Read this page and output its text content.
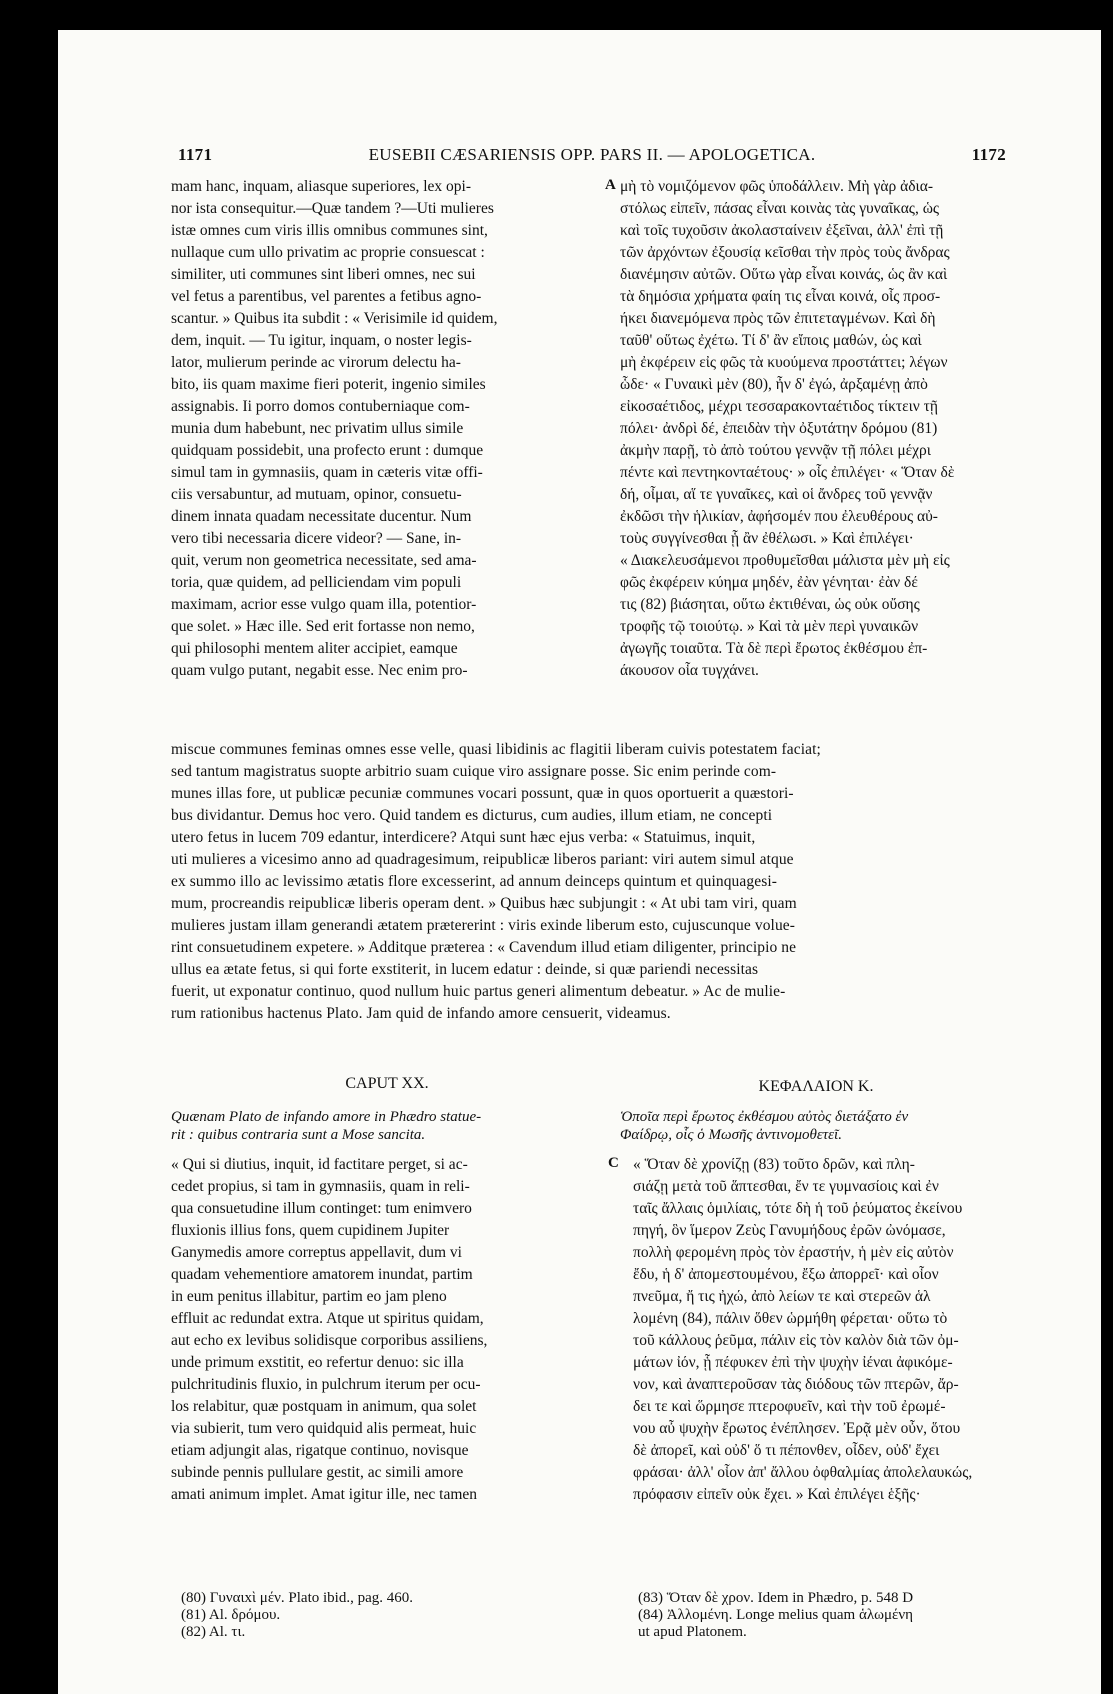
1171	EUSEBII CÆSARIENSIS OPP. PARS II. — APOLOGETICA.	1172
mam hanc, inquam, aliasque superiores, lex opi-
nor ista consequitur.—Quæ tandem ?—Uti mulieres
istæ omnes cum viris illis omnibus communes sint,
nullaque cum ullo privatim ac proprie consuescat :
similiter, uti communes sint liberi omnes, nec sui
vel fetus a parentibus, vel parentes a fetibus agno-
scantur. » Quibus ita subdit : « Verisimile id quidem,
dem, inquit. — Tu igitur, inquam, o noster legis-
lator, mulierum perinde ac virorum delectu ha-
bito, iis quam maxime fieri poterit, ingenio similes
assignabis. Ii porro domos contuberniaque com-
munia dum habebunt, nec privatim ullus simile
quidquam possidebit, una profecto erunt : dumque
simul tam in gymnasiis, quam in cæteris vitæ offi-
ciis versabuntur, ad mutuam, opinor, consuetu-
dinem innata quadam necessitate ducentur. Num
vero tibi necessaria dicere videor? — Sane, in-
quit, verum non geometrica necessitate, sed ama-
toria, quæ quidem, ad pelliciendam vim populi
maximam, acrior esse vulgo quam illa, potentior-
que solet. » Hæc ille. Sed erit fortasse non nemo,
qui philosophi mentem aliter accipiet, eamque
quam vulgo putant, negabit esse. Nec enim pro-
A μὴ τὸ νομιζόμενον φῶς ὑποδάλλειν. Μὴ γὰρ ἀδια-
στόλως εἰπεῖν, πάσας εἶναι κοινὰς τὰς γυναῖκας, ὡς
καὶ τοῖς τυχοῦσιν ἀκολασταίνειν ἐξεῖναι, ἀλλ' ἐπὶ τῇ
τῶν ἀρχόντων ἐξουσίᾳ κεῖσθαι τὴν πρὸς τοὺς ἄνδρας
διανέμησιν αὐτῶν. Οὕτω γὰρ εἶναι κοινάς, ὡς ἂν καὶ
τὰ δημόσια χρήματα φαίη τις εἶναι κοινά, οἷς προσ-
ήκει διανεμόμενα πρὸς τῶν ἐπιτεταγμένων. Καὶ δὴ
ταῦθ' οὕτως ἐχέτω. Τί δ' ἂν εἴποις μαθών, ὡς καὶ
μὴ ἐκφέρειν εἰς φῶς τὰ κυούμενα προστάττει; λέγων
ὧδε· « Γυναικὶ μὲν (80), ἦν δ' ἐγώ, ἀρξαμένῃ ἀπὸ
εἰκοσαέτιδος, μέχρι τεσσαρακονταέτιδος τίκτειν τῇ
πόλει· ἀνδρὶ δέ, ἐπειδὰν τὴν ὀξυτάτην δρόμου (81)
ἀκμὴν παρῇ, τὸ ἀπὸ τούτου γεννᾷν τῇ πόλει μέχρι
πέντε καὶ πεντηκονταέτους· » οἷς ἐπιλέγει· « Ὅταν δὲ
δή, οἶμαι, αἵ τε γυναῖκες, καὶ οἱ ἄνδρες τοῦ γεννᾷν
ἐκδῶσι τὴν ἡλικίαν, ἀφήσομέν που ἐλευθέρους αὐ-
τοὺς συγγίνεσθαι ᾗ ἂν ἐθέλωσι. » Καὶ ἐπιλέγει·
« Διακελευσάμενοι προθυμεῖσθαι μάλιστα μὲν μὴ εἰς
φῶς ἐκφέρειν κύημα μηδέν, ἐὰν γένηται· ἐὰν δέ
τις (82) βιάσηται, οὕτω ἐκτιθέναι, ὡς οὐκ οὔσης
τροφῆς τῷ τοιούτῳ. » Καὶ τὰ μὲν περὶ γυναικῶν
ἀγωγῆς τοιαῦτα. Τὰ δὲ περὶ ἔρωτος ἐκθέσμου ἐπ-
άκουσον οἷα τυγχάνει.
miscue communes feminas omnes esse velle, quasi libidinis ac flagitii liberam cuivis potestatem faciat;
sed tantum magistratus suopte arbitrio suam cuique viro assignare posse. Sic enim perinde com-
munes illas fore, ut publicæ pecuniæ communes vocari possunt, quæ in quos oportuerit a quæstori-
bus dividantur. Demus hoc vero. Quid tandem es dicturus, cum audies, illum etiam, ne concepti
utero fetus in lucem 709 edantur, interdicere? Atqui sunt hæc ejus verba: « Statuimus, inquit,
uti mulieres a vicesimo anno ad quadragesimum, reipublicæ liberos pariant: viri autem simul atque
ex summo illo ac levissimo ætatis flore excesserint, ad annum deinceps quintum et quinquagesi-
mum, procreandis reipublicæ liberis operam dent. » Quibus hæc subjungit : « At ubi tam viri, quam
mulieres justam illam generandi ætatem prætererint : viris exinde liberum esto, cujuscunque volue-
rint consuetudinem expetere. » Additque præterea : « Cavendum illud etiam diligenter, principio ne
ullus ea ætate fetus, si qui forte exstiterit, in lucem edatur : deinde, si quæ pariendi necessitas
fuerit, ut exponatur continuo, quod nullum huic partus generi alimentum debeatur. » Ac de mulie-
rum rationibus hactenus Plato. Jam quid de infando amore censuerit, videamus.
CAPUT XX.	ΚΕΦΑΛΑΙΟΝ Κ.
Quænam Plato de infando amore in Phædro statue-
rit : quibus contraria sunt a Mose sancita.
Ὁποῖα περὶ ἔρωτος ἐκθέσμου αὐτὸς διετάξατο ἐν
Φαίδρῳ, οἷς ὁ Μωσῆς ἀντινομοθετεῖ.
« Qui si diutius, inquit, id factitare perget, si ac-
cedet propius, si tam in gymnasiis, quam in reli-
qua consuetudine illum continget: tum enimvero
fluxionis illius fons, quem cupidinem Jupiter
Ganymedis amore correptus appellavit, dum vi
quadam vehementiore amatorem inundat, partim
in eum penitus illabitur, partim eo jam pleno
effluit ac redundat extra. Atque ut spiritus quidam,
aut echo ex levibus solidisque corporibus assiliens,
unde primum exstitit, eo refertur denuo: sic illa
pulchritudinis fluxio, in pulchrum iterum per ocu-
los relabitur, quæ postquam in animum, qua solet
via subierit, tum vero quidquid alis permeat, huic
etiam adjungit alas, rigatque continuo, novisque
subinde pennis pullulare gestit, ac simili amore
amati animum implet. Amat igitur ille, nec tamen
C « Ὅταν δὲ χρονίζῃ (83) τοῦτο δρῶν, καὶ πλη-
σιάζῃ μετὰ τοῦ ἅπτεσθαι, ἔν τε γυμνασίοις καὶ ἐν
ταῖς ἄλλαις ὁμιλίαις, τότε δὴ ἡ τοῦ ῥεύματος ἐκείνου
πηγή, ὃν ἵμερον Ζεὺς Γανυμήδους ἐρῶν ὠνόμασε,
πολλὴ φερομένη πρὸς τὸν ἐραστήν, ἡ μὲν εἰς αὐτὸν
ἔδυ, ἡ δ' ἀπομεστουμένου, ἔξω ἀπορρεῖ· καὶ οἷον
πνεῦμα, ἤ τις ἠχώ, ἀπὸ λείων τε καὶ στερεῶν ἁλ
λομένη (84), πάλιν ὅθεν ὡρμήθη φέρεται· οὕτω τὸ
τοῦ κάλλους ῥεῦμα, πάλιν εἰς τὸν καλὸν διὰ τῶν ὀμ-
μάτων ἰόν, ᾗ πέφυκεν ἐπὶ τὴν ψυχὴν ἰέναι ἀφικόμε-
νον, καὶ ἀναπτεροῦσαν τὰς διόδους τῶν πτερῶν, ἄρ-
δει τε καὶ ὥρμησε πτεροφυεῖν, καὶ τὴν τοῦ ἐρωμέ-
νου αὖ ψυχὴν ἔρωτος ἐνέπλησεν. Ἐρᾷ μὲν οὖν, ὅτου
δὲ ἀπορεῖ, καὶ οὐδ' ὅ τι πέπονθεν, οἶδεν, οὐδ' ἔχει
φράσαι· ἀλλ' οἷον ἀπ' ἄλλου ὀφθαλμίας ἀπολελαυκώς,
πρόφασιν εἰπεῖν οὐκ ἔχει. » Καὶ ἐπιλέγει ἑξῆς·
(80) Γυναιxὶ μέν. Plato ibid., pag. 460.
(81) Al. δρόμου.
(82) Al. τι.
(83) Ὅταν δὲ χρον. Idem in Phædro, p. 548 D
(84) Ἀλλομένη. Longe melius quam ἁλωμένη
ut apud Platonem.
